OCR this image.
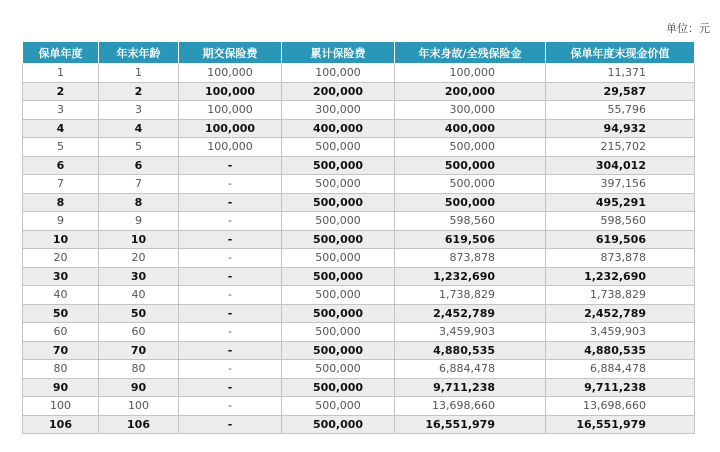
单位：元
保单年度	年末年龄	期交保险费	累计保险费	年末身故/全残保险金	保单年度末现金价值
1	1	100,000	100,000	100,000	11,371
2	2	100,000	200,000	200,000	29,587
3	3	100,000	300,000	300,000	55,796
4	4	100,000	400,000	400,000	94,932
5	5	100,000	500,000	500,000	215,702
6	6	-	500,000	500,000	304,012
7	7	-	500,000	500,000	397,156
8	8	-	500,000	500,000	495,291
9	9	-	500,000	598,560	598,560
10	10	-	500,000	619,506	619,506
20	20	-	500,000	873,878	873,878
30	30	-	500,000	1,232,690	1,232,690
40	40	-	500,000	1,738,829	1,738,829
50	50	-	500,000	2,452,789	2,452,789
60	60	-	500,000	3,459,903	3,459,903
70	70	-	500,000	4,880,535	4,880,535
80	80	-	500,000	6,884,478	6,884,478
90	90	-	500,000	9,711,238	9,711,238
100	100	-	500,000	13,698,660	13,698,660
106	106	-	500,000	16,551,979	16,551,979
